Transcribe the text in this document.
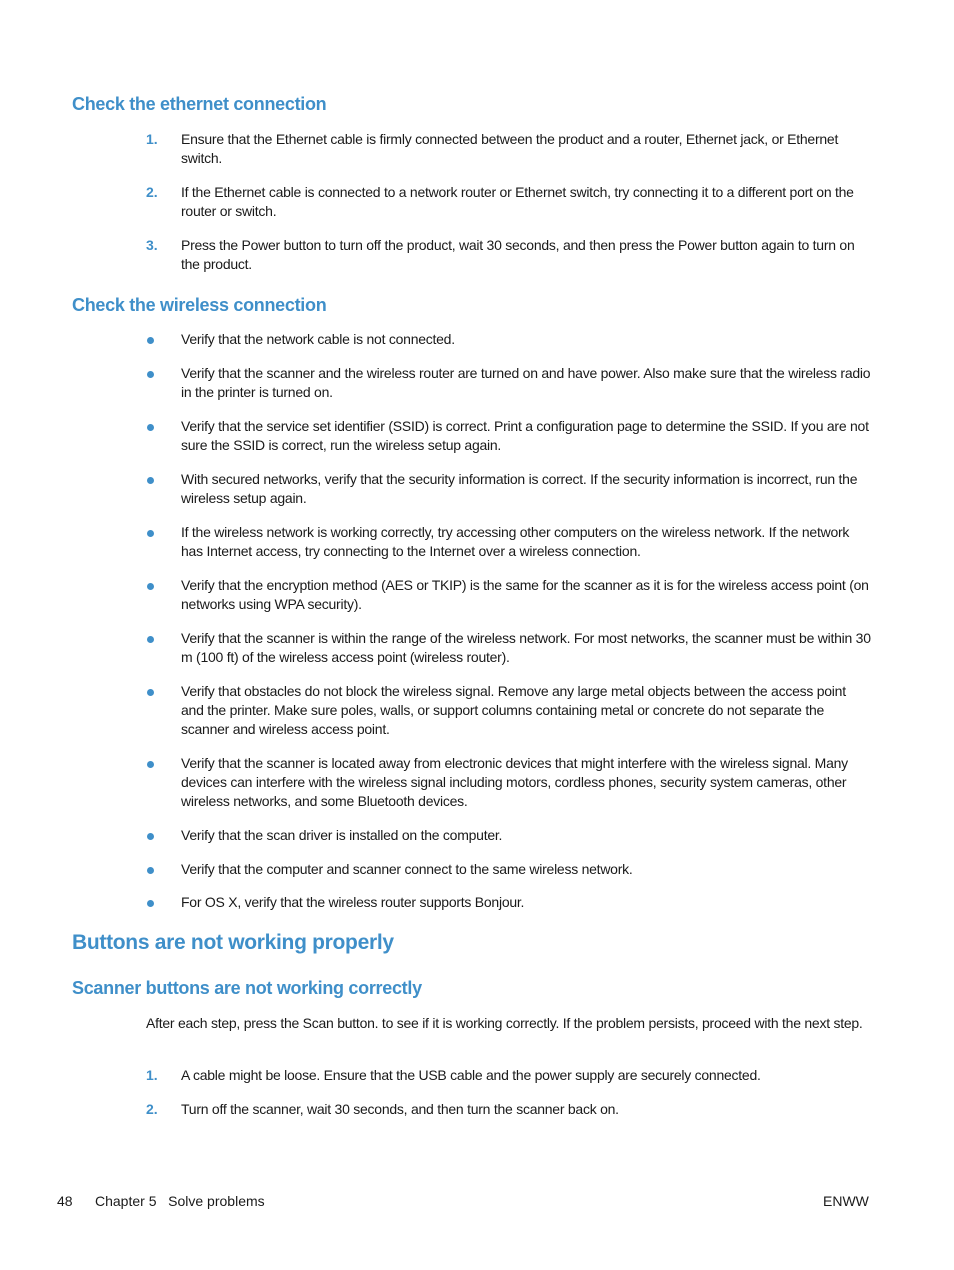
Check the ethernet connection
1. Ensure that the Ethernet cable is firmly connected between the product and a router, Ethernet jack, or Ethernet switch.
2. If the Ethernet cable is connected to a network router or Ethernet switch, try connecting it to a different port on the router or switch.
3. Press the Power button to turn off the product, wait 30 seconds, and then press the Power button again to turn on the product.
Check the wireless connection
Verify that the network cable is not connected.
Verify that the scanner and the wireless router are turned on and have power. Also make sure that the wireless radio in the printer is turned on.
Verify that the service set identifier (SSID) is correct. Print a configuration page to determine the SSID. If you are not sure the SSID is correct, run the wireless setup again.
With secured networks, verify that the security information is correct. If the security information is incorrect, run the wireless setup again.
If the wireless network is working correctly, try accessing other computers on the wireless network. If the network has Internet access, try connecting to the Internet over a wireless connection.
Verify that the encryption method (AES or TKIP) is the same for the scanner as it is for the wireless access point (on networks using WPA security).
Verify that the scanner is within the range of the wireless network. For most networks, the scanner must be within 30 m (100 ft) of the wireless access point (wireless router).
Verify that obstacles do not block the wireless signal. Remove any large metal objects between the access point and the printer. Make sure poles, walls, or support columns containing metal or concrete do not separate the scanner and wireless access point.
Verify that the scanner is located away from electronic devices that might interfere with the wireless signal. Many devices can interfere with the wireless signal including motors, cordless phones, security system cameras, other wireless networks, and some Bluetooth devices.
Verify that the scan driver is installed on the computer.
Verify that the computer and scanner connect to the same wireless network.
For OS X, verify that the wireless router supports Bonjour.
Buttons are not working properly
Scanner buttons are not working correctly
After each step, press the Scan button. to see if it is working correctly. If the problem persists, proceed with the next step.
1. A cable might be loose. Ensure that the USB cable and the power supply are securely connected.
2. Turn off the scanner, wait 30 seconds, and then turn the scanner back on.
48 Chapter 5   Solve problems	ENWW
